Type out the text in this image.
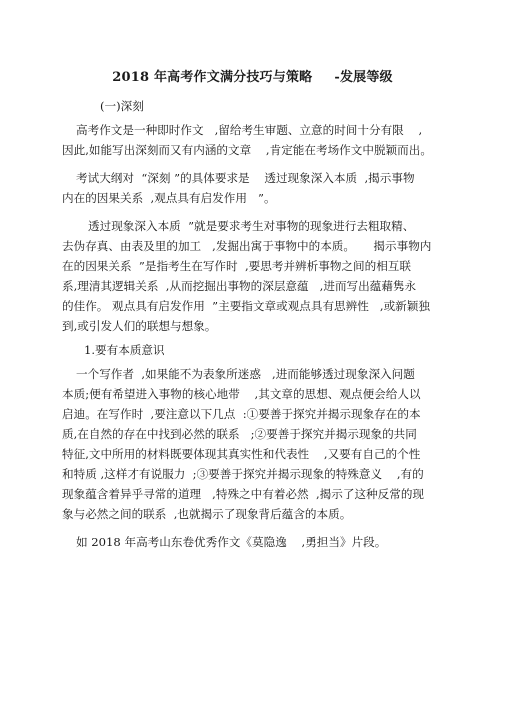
2018 年高考作文满分技巧与策略 -发展等级
(一)深刻
高考作文是一种即时作文   ,留给考生审题、立意的时间十分有限    ,
因此,如能写出深刻而又有内涵的文章    ,肯定能在考场作文中脱颖而出。
考试大纲对  “深刻 ”的具体要求是    透过现象深入本质  ,揭示事物
内在的因果关系  ,观点具有启发作用   ”。
透过现象深入本质  ”就是要求考生对事物的现象进行去粗取精、
去伪存真、由表及里的加工   ,发掘出寓于事物中的本质。     揭示事物内
在的因果关系  ”是指考生在写作时  ,要思考并辨析事物之间的相互联
系,理清其逻辑关系  ,从而挖掘出事物的深层意蕴   ,进而写出蕴藉隽永
的佳作。 观点具有启发作用  ”主要指文章或观点具有思辨性   ,或新颖独
到,或引发人们的联想与想象。
1.要有本质意识
一个写作者  ,如果能不为表象所迷惑   ,进而能够透过现象深入问题
本质;便有希望进入事物的核心地带    ,其文章的思想、观点便会给人以
启迪。在写作时  ,要注意以下几点  :①要善于探究并揭示现象存在的本
质,在自然的存在中找到必然的联系   ;②要善于探究并揭示现象的共同
特征,文中所用的材料既要体现其真实性和代表性    ,又要有自己的个性
和特质 ,这样才有说服力  ;③要善于探究并揭示现象的特殊意义    ,有的
现象蕴含着异乎寻常的道理   ,特殊之中有着必然  ,揭示了这种反常的现
象与必然之间的联系  ,也就揭示了现象背后蕴含的本质。
如 2018 年高考山东卷优秀作文《莫隐逸    ,勇担当》片段。
